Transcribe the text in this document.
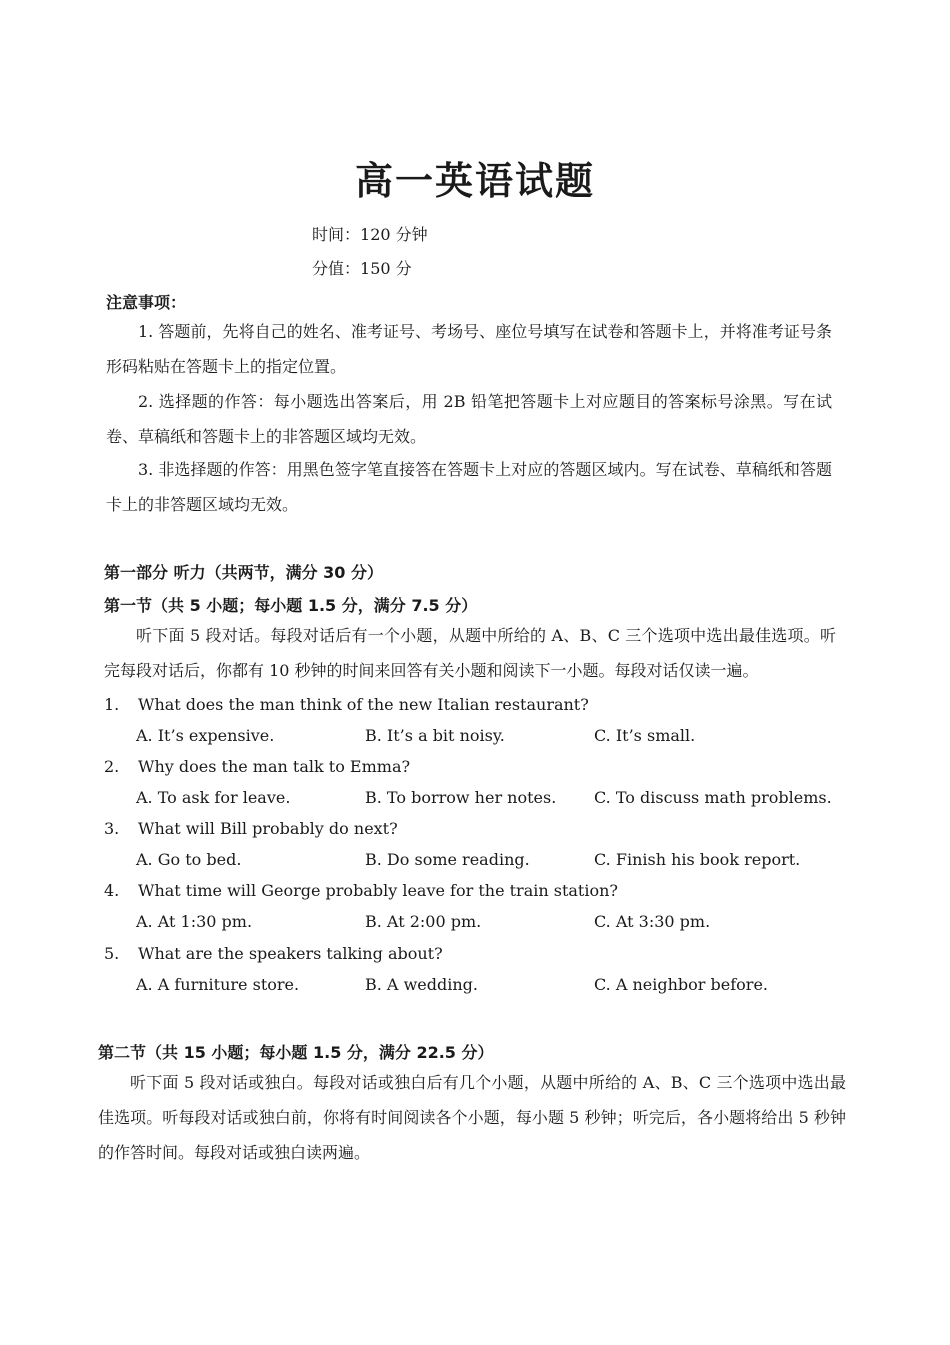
高一英语试题
时间：120 分钟
分值：150 分
注意事项：
1. 答题前，先将自己的姓名、准考证号、考场号、座位号填写在试卷和答题卡上，并将准考证号条形码粘贴在答题卡上的指定位置。
2. 选择题的作答：每小题选出答案后，用 2B 铅笔把答题卡上对应题目的答案标号涂黑。写在试卷、草稿纸和答题卡上的非答题区域均无效。
3. 非选择题的作答：用黑色签字笔直接答在答题卡上对应的答题区域内。写在试卷、草稿纸和答题卡上的非答题区域均无效。
第一部分 听力（共两节，满分 30 分）
第一节（共 5 小题；每小题 1.5 分，满分 7.5 分）
听下面 5 段对话。每段对话后有一个小题，从题中所给的 A、B、C 三个选项中选出最佳选项。听完每段对话后，你都有 10 秒钟的时间来回答有关小题和阅读下一小题。每段对话仅读一遍。
1. What does the man think of the new Italian restaurant?
A. It’s expensive.	B. It’s a bit noisy.	C. It’s small.
2. Why does the man talk to Emma?
A. To ask for leave.	B. To borrow her notes. C. To discuss math problems.
3. What will Bill probably do next?
A. Go to bed.	B. Do some reading.	C. Finish his book report.
4. What time will George probably leave for the train station?
A. At 1:30 pm.	B. At 2:00 pm.	C. At 3:30 pm.
5. What are the speakers talking about?
A. A furniture store.	B. A wedding.	C. A neighbor before.
第二节（共 15 小题；每小题 1.5 分，满分 22.5 分）
听下面 5 段对话或独白。每段对话或独白后有几个小题，从题中所给的 A、B、C 三个选项中选出最佳选项。听每段对话或独白前，你将有时间阅读各个小题，每小题 5 秒钟；听完后，各小题将给出 5 秒钟的作答时间。每段对话或独白读两遍。
